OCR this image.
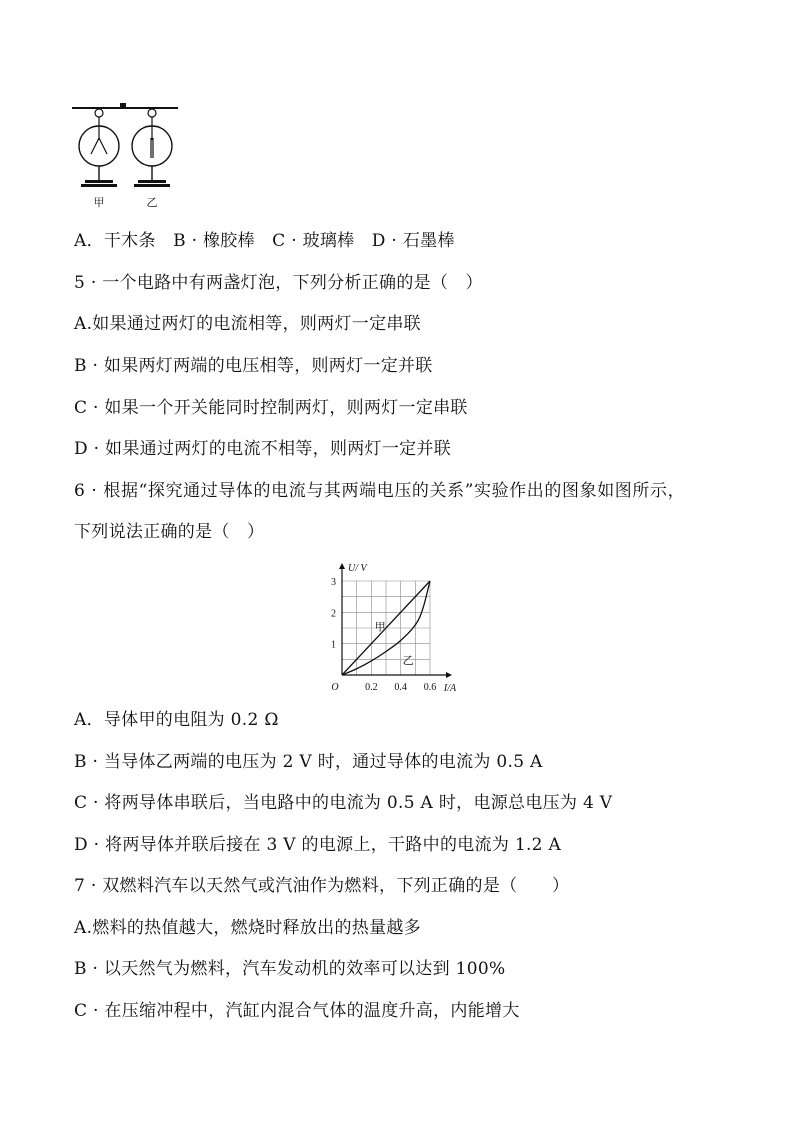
甲	乙
A．干木条　B · 橡胶棒　C · 玻璃棒　D · 石墨棒
5 · 一个电路中有两盏灯泡，下列分析正确的是（　）
A.如果通过两灯的电流相等，则两灯一定串联
B · 如果两灯两端的电压相等，则两灯一定并联
C · 如果一个开关能同时控制两灯，则两灯一定串联
D · 如果通过两灯的电流不相等，则两灯一定并联
6 · 根据“探究通过导体的电流与其两端电压的关系”实验作出的图象如图所示，
下列说法正确的是（　）
甲
乙
0.2 0.4 0.6
1
2
3
O	I/A
U/ V
A．导体甲的电阻为 0.2 Ω
B · 当导体乙两端的电压为 2 V 时，通过导体的电流为 0.5 A
C · 将两导体串联后，当电路中的电流为 0.5 A 时，电源总电压为 4 V
D · 将两导体并联后接在 3 V 的电源上，干路中的电流为 1.2 A
7 · 双燃料汽车以天然气或汽油作为燃料，下列正确的是（　　）
A.燃料的热值越大，燃烧时释放出的热量越多
B · 以天然气为燃料，汽车发动机的效率可以达到 100%
C · 在压缩冲程中，汽缸内混合气体的温度升高，内能增大
